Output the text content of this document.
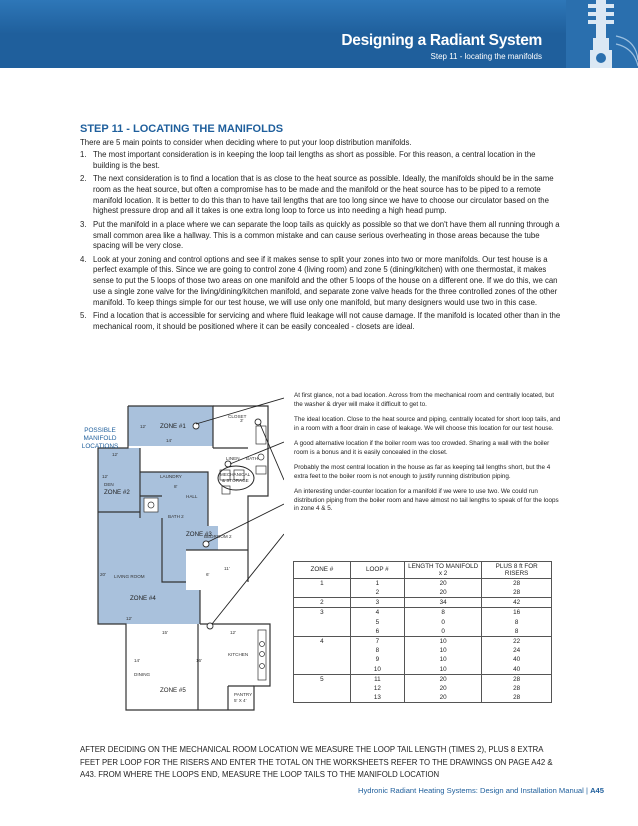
Designing a Radiant System
Step 11 - locating the manifolds
STEP 11 - LOCATING THE MANIFOLDS

There are 5 main points to consider when deciding where to put your loop distribution manifolds.

1. The most important consideration is in keeping the loop tail lengths as short as possible. For this reason, a central location in the building is the best.
2. The next consideration is to find a location that is as close to the heat source as possible. Ideally, the manifolds should be in the same room as the heat source, but often a compromise has to be made and the manifold or the heat source has to be piped to a remote manifold location. It is better to do this than to have tail lengths that are too long since we have to choose our circulator based on the highest pressure drop and all it takes is one extra long loop to force us into needing a high head pump.
3. Put the manifold in a place where we can separate the loop tails as quickly as possible so that we don't have them all running through a small common area like a hallway. This is a common mistake and can cause serious overheating in those areas because the tube spacing will be very close.
4. Look at your zoning and control options and see if it makes sense to split your zones into two or more manifolds. Our test house is a perfect example of this. Since we are going to control zone 4 (living room) and zone 5 (dining/kitchen) with one thermostat, it makes sense to put the 5 loops of those two areas on one manifold and the other 5 loops of the house on a different one. If we do this, we can use a single zone valve for the living/dining/kitchen manifold, and separate zone valve heads for the three controlled zones of the other manifold. To keep things simple for our test house, we will use only one manifold, but many designers would use two in this case.
5. Find a location that is accessible for servicing and where fluid leakage will not cause damage. If the manifold is located other than in the mechanical room, it should be positioned where it can be easily concealed - closets are ideal.
CLOSET
LINEN BATH
LAUNDRY	MECHANICAL
& STORAGE
DEN
HALL
BATH 2
BEDROOM 2
LIVING ROOM
DINING
KITCHEN
PANTRY
5' X 4'
ZONE #1
ZONE #2
ZONE #3
ZONE #4
ZONE #5
12'
14'
12'
12'
11'
20'
12'
15'	12'
14'	16'
3'
8'
6'
POSSIBLE
MANIFOLD
LOCATIONS

At first glance, not a bad location. Across from the mechanical room and centrally located, but the washer & dryer will make it difficult to get to.

The ideal location. Close to the heat source and piping, centrally located for short loop tails, and in a room with a floor drain in case of leakage. We will choose this location for our test house.

A good alternative location if the boiler room was too crowded. Sharing a wall with the boiler room is a bonus and it is easily concealed in the closet.

Probably the most central location in the house as far as keeping tail lengths short, but the 4 extra feet to the boiler room is not enough to justify running distribution piping.

An interesting under-counter location for a manifold if we were to use two. We could run distribution piping from the boiler room and have almost no tail lengths to speak of for the loops in zone 4 & 5.

ZONE #	LOOP #	LENGTH TO MANIFOLD x 2	PLUS 8 ft FOR RISERS
1	1	20	28
	2	20	28
2	3	34	42
3	4	8	16
	5	0	8
	6	0	8
4	7	10	22
	8	10	24
	9	10	40
	10	10	40
5	11	20	28
	12	20	28
	13	20	28

AFTER DECIDING ON THE MECHANICAL ROOM LOCATION WE MEASURE THE LOOP TAIL LENGTH (TIMES 2), PLUS 8 EXTRA FEET PER LOOP FOR THE RISERS AND ENTER THE TOTAL ON THE WORKSHEETS REFER TO THE DRAWINGS ON PAGE A42 & A43. FROM WHERE THE LOOPS END, MEASURE THE LOOP TAILS TO THE MANIFOLD LOCATION

Hydronic Radiant Heating Systems: Design and Installation Manual | A45
